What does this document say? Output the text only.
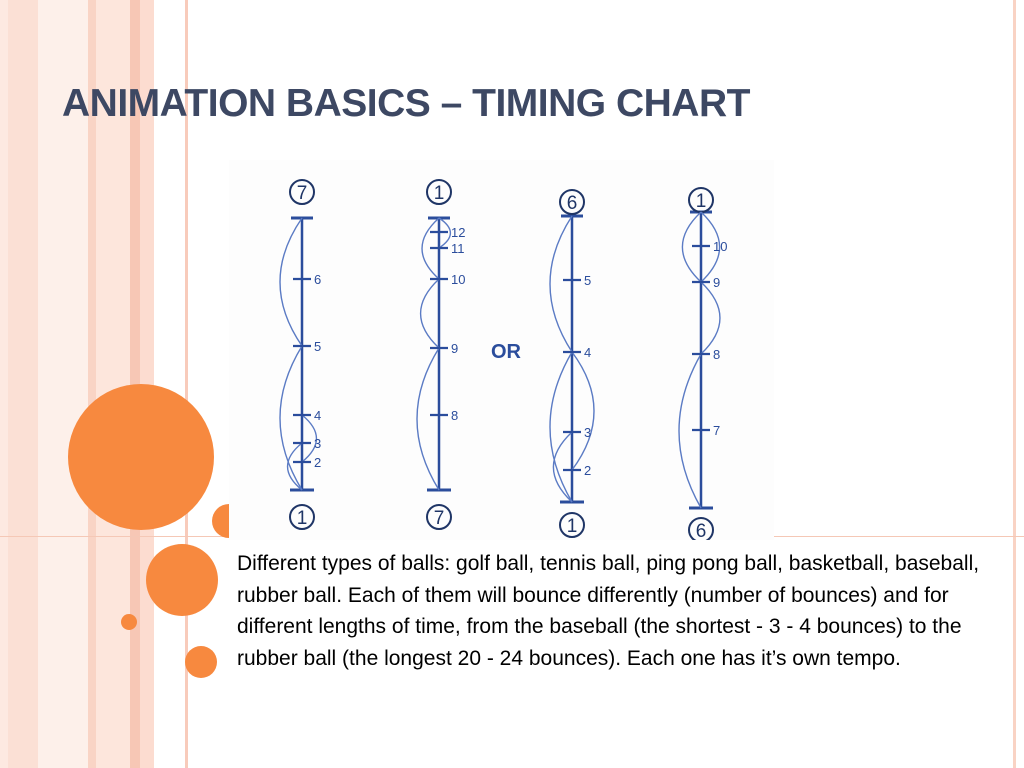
ANIMATION BASICS – TIMING CHART
OR
7
1
6
5
4
3
2
1
7
12
11
10
9
8
6
1
5
4
3
2
1
6
10
9
8
7

Different types of balls: golf ball, tennis ball, ping pong ball, basketball, baseball, rubber ball. Each of them will bounce differently (number of bounces) and for different lengths of time, from the baseball (the shortest - 3 - 4 bounces) to the rubber ball (the longest 20 - 24 bounces). Each one has it’s own tempo.
